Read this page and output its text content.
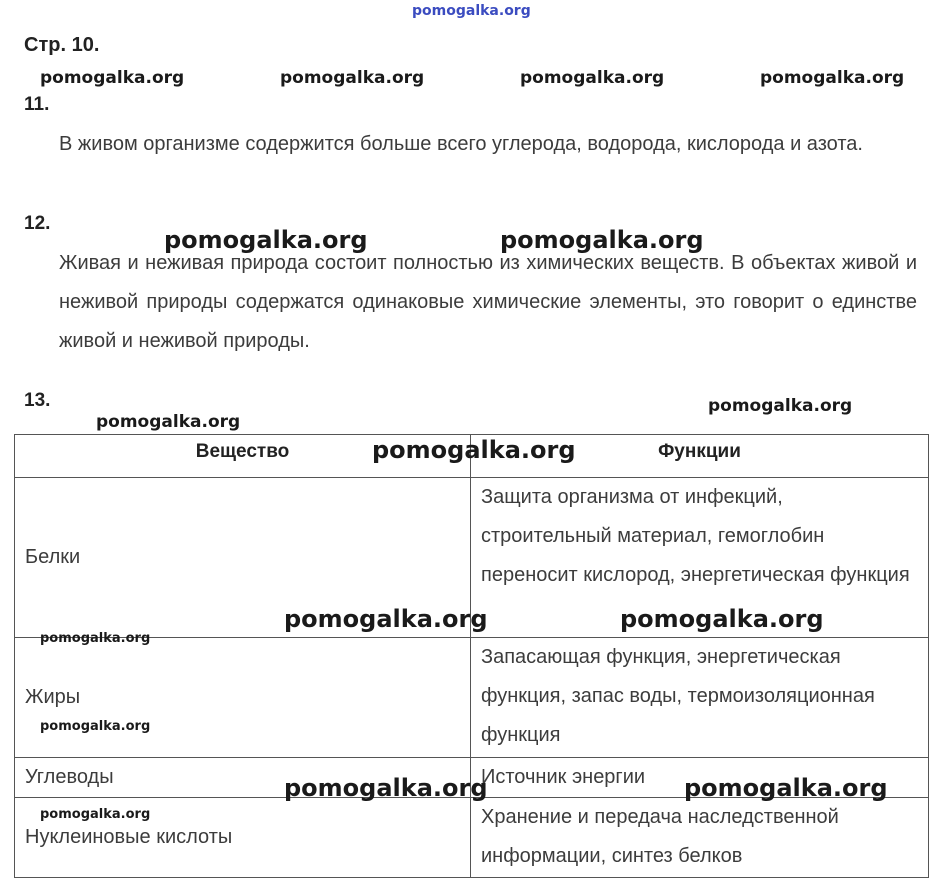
pomogalka.org
Стр. 10.
pomogalka.org	pomogalka.org	pomogalka.org	pomogalka.org
11.
В живом организме содержится больше всего углерода, водорода, кислорода и азота.
12.
Живая и неживая природа состоит полностью из химических веществ. В объектах живой и неживой природы содержатся одинаковые химические элементы, это говорит о единстве живой и неживой природы.
pomogalka.org	pomogalka.org
13.
pomogalka.org
pomogalka.org
Вещество	Функции
Белки	Защита организма от инфекций, строительный материал, гемоглобин переносит кислород, энергетическая функция
Жиры	Запасающая функция, энергетическая функция, запас воды, термоизоляционная функция
Углеводы	Источник энергии
Нуклеиновые кислоты	Хранение и передача наследственной информации, синтез белков
pomogalka.org
pomogalka.org	pomogalka.org
pomogalka.org
pomogalka.org
pomogalka.org	pomogalka.org
pomogalka.org
